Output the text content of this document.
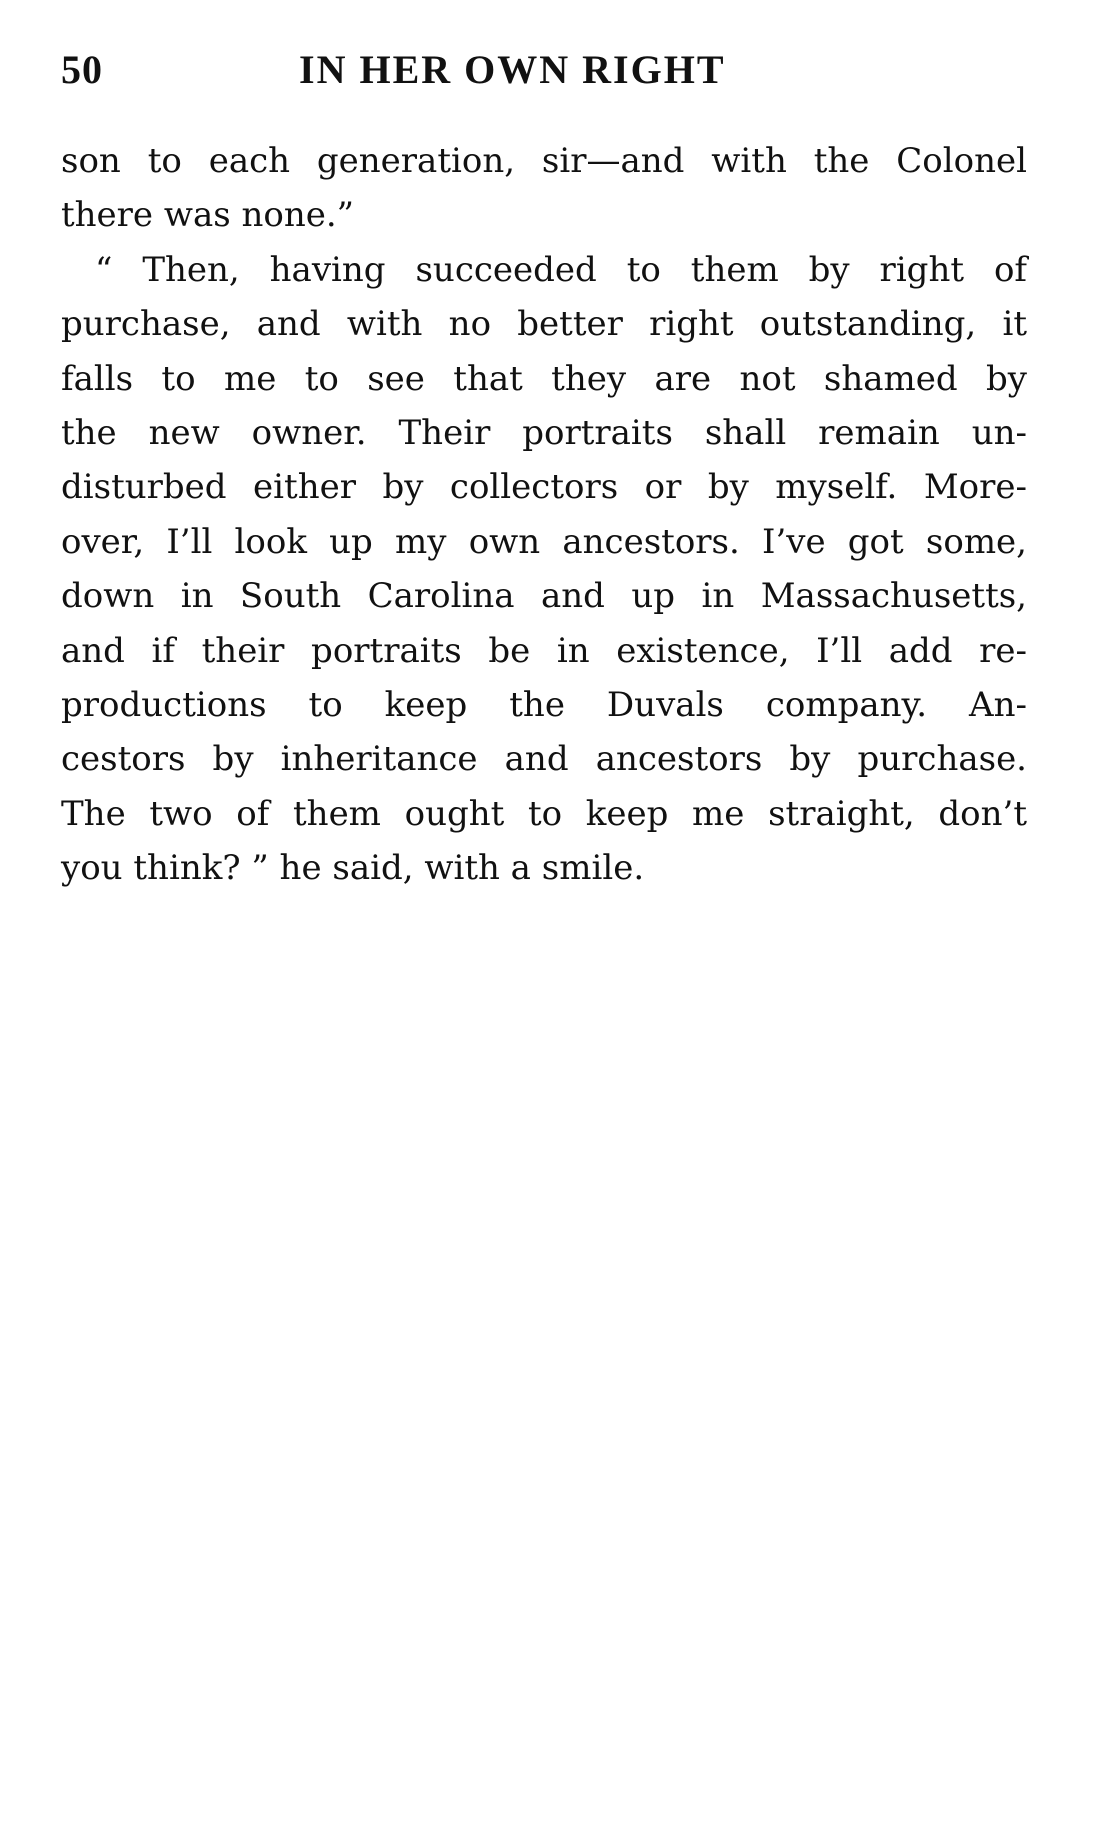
50	IN HER OWN RIGHT
son to each generation, sir—and with the Colonel
there was none.”
“ Then, having succeeded to them by right of
purchase, and with no better right outstanding, it
falls to me to see that they are not shamed by
the new owner. Their portraits shall remain un-
disturbed either by collectors or by myself. More-
over, I’ll look up my own ancestors. I’ve got some,
down in South Carolina and up in Massachusetts,
and if their portraits be in existence, I’ll add re-
productions to keep the Duvals company. An-
cestors by inheritance and ancestors by purchase.
The two of them ought to keep me straight, don’t
you think? ” he said, with a smile.
